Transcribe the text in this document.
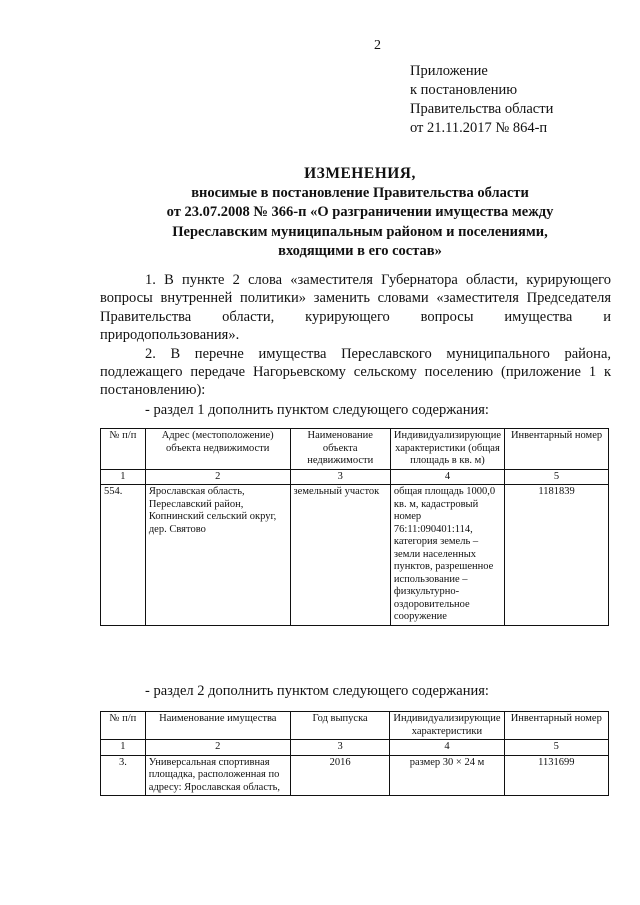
2
Приложение
к постановлению
Правительства области
от 21.11.2017 № 864-п
ИЗМЕНЕНИЯ,
вносимые в постановление Правительства области
от 23.07.2008 № 366-п «О разграничении имущества между
Переславским муниципальным районом и поселениями,
входящими в его состав»

1. В пункте 2 слова «заместителя Губернатора области, курирующего вопросы внутренней политики» заменить словами «заместителя Председателя Правительства области, курирующего вопросы имущества и природопользования».

2. В перечне имущества Переславского муниципального района, подлежащего передаче Нагорьевскому сельскому поселению (приложение 1 к постановлению):

- раздел 1 дополнить пунктом следующего содержания:
№ п/п	Адрес (местоположение) объекта недвижимости	Наименование объекта недвижимости	Индивидуализирующие характеристики (общая площадь в кв. м)	Инвентарный номер
1	2	3	4	5
554.	Ярославская область, Переславский район, Копнинский сельский округ, дер. Святово	земельный участок	общая площадь 1000,0 кв. м, кадастровый номер 76:11:090401:114, категория земель – земли населенных пунктов, разрешенное использование – физкультурно-оздоровительное сооружение	1181839
- раздел 2 дополнить пунктом следующего содержания:
№ п/п	Наименование имущества	Год выпуска	Индивидуализирующие характеристики	Инвентарный номер
1	2	3	4	5
3.	Универсальная спортивная площадка, расположенная по адресу: Ярославская область,	2016	размер 30 × 24 м	1131699
